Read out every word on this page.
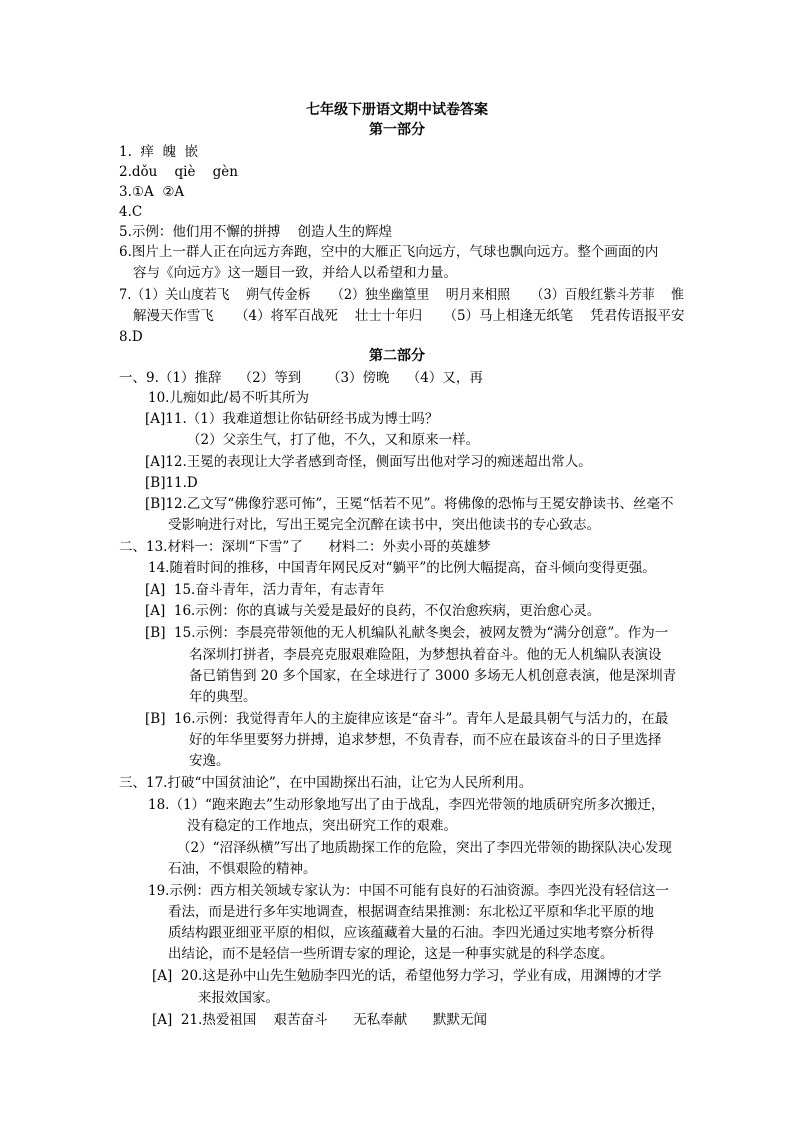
七年级下册语文期中试卷答案
第一部分
1.  痒  魄  嵌
2.dǒu    qiè    gèn
3.①A  ②A
4.C
5.示例：他们用不懈的拼搏    创造人生的辉煌
6.图片上一群人正在向远方奔跑，空中的大雁正飞向远方，气球也飘向远方。整个画面的内
容与《向远方》这一题目一致，并给人以希望和力量。
7.（1）关山度若飞    朔气传金柝     （2）独坐幽篁里    明月来相照     （3）百般红紫斗芳菲    惟
解漫天作雪飞     （4）将军百战死    壮士十年归     （5）马上相逢无纸笔    凭君传语报平安
8.D
第二部分
一、9.（1）推辞    （2）等到      （3）傍晚    （4）又，再
10.儿痴如此/曷不听其所为
[A]11.（1）我难道想让你钻研经书成为博士吗？
（2）父亲生气，打了他，不久，又和原来一样。
[A]12.王冕的表现让大学者感到奇怪，侧面写出他对学习的痴迷超出常人。
[B]11.D
[B]12.乙文写“佛像狞恶可怖”，王冕“恬若不见”。将佛像的恐怖与王冕安静读书、丝毫不
受影响进行对比，写出王冕完全沉醉在读书中，突出他读书的专心致志。
二、13.材料一：深圳“下雪”了      材料二：外卖小哥的英雄梦
14.随着时间的推移，中国青年网民反对“躺平”的比例大幅提高，奋斗倾向变得更强。
[A]  15.奋斗青年，活力青年，有志青年
[A]  16.示例：你的真诚与关爱是最好的良药，不仅治愈疾病，更治愈心灵。
[B]  15.示例：李晨亮带领他的无人机编队礼献冬奥会，被网友赞为“满分创意”。作为一
名深圳打拼者，李晨亮克服艰难险阻，为梦想执着奋斗。他的无人机编队表演设
备已销售到 20 多个国家，在全球进行了 3000 多场无人机创意表演，他是深圳青
年的典型。
[B]  16.示例：我觉得青年人的主旋律应该是“奋斗”。青年人是最具朝气与活力的，在最
好的年华里要努力拼搏，追求梦想，不负青春，而不应在最该奋斗的日子里选择
安逸。
三、17.打破“中国贫油论”，在中国勘探出石油，让它为人民所利用。
18.（1）“跑来跑去”生动形象地写出了由于战乱，李四光带领的地质研究所多次搬迁，
没有稳定的工作地点，突出研究工作的艰难。
（2）“沼泽纵横”写出了地质勘探工作的危险，突出了李四光带领的勘探队决心发现
石油，不惧艰险的精神。
19.示例：西方相关领域专家认为：中国不可能有良好的石油资源。李四光没有轻信这一
看法，而是进行多年实地调查，根据调查结果推测：东北松辽平原和华北平原的地
质结构跟亚细亚平原的相似，应该蕴藏着大量的石油。李四光通过实地考察分析得
出结论，而不是轻信一些所谓专家的理论，这是一种事实就是的科学态度。
[A]  20.这是孙中山先生勉励李四光的话，希望他努力学习，学业有成，用渊博的才学
来报效国家。
[A]  21.热爱祖国    艰苦奋斗      无私奉献      默默无闻
